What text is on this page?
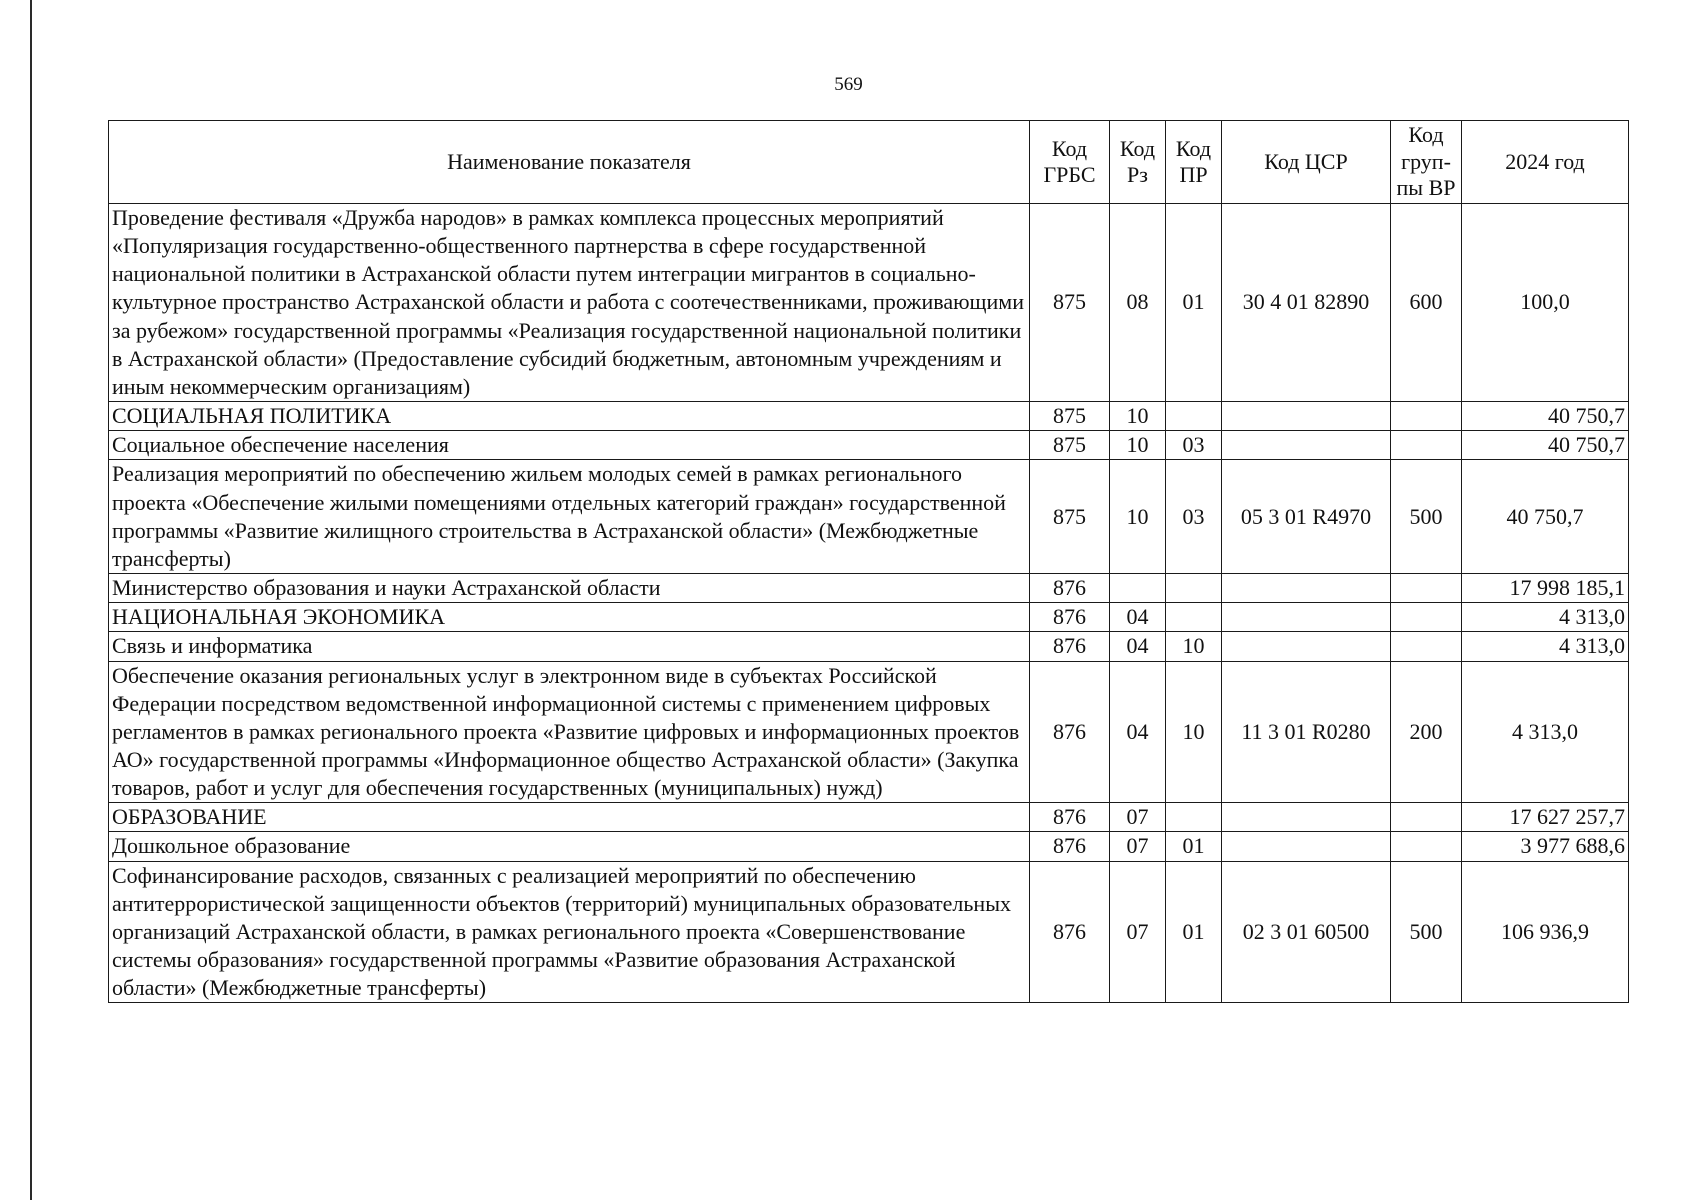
569
Наименование показателя	Код ГРБС	Код Рз	Код ПР	Код ЦСР	Код груп-пы ВР	2024 год
Проведение фестиваля «Дружба народов» в рамках комплекса процессных мероприятий «Популяризация государственно-общественного партнерства в сфере государственной национальной политики в Астраханской области путем интеграции мигрантов в социально-культурное пространство Астраханской области и работа с соотечественниками, проживающими за рубежом» государственной программы «Реализация государственной национальной политики в Астраханской области» (Предоставление субсидий бюджетным, автономным учреждениям и иным некоммерческим организациям)	875	08	01	30 4 01 82890	600	100,0
СОЦИАЛЬНАЯ ПОЛИТИКА	875	10				40 750,7
Социальное обеспечение населения	875	10	03			40 750,7
Реализация мероприятий по обеспечению жильем молодых семей в рамках регионального проекта «Обеспечение жилыми помещениями отдельных категорий граждан» государственной программы «Развитие жилищного строительства в Астраханской области» (Межбюджетные трансферты)	875	10	03	05 3 01 R4970	500	40 750,7
Министерство образования и науки Астраханской области	876					17 998 185,1
НАЦИОНАЛЬНАЯ ЭКОНОМИКА	876	04				4 313,0
Связь и информатика	876	04	10			4 313,0
Обеспечение оказания региональных услуг в электронном виде в субъектах Российской Федерации посредством ведомственной информационной системы с применением цифровых регламентов в рамках регионального проекта «Развитие цифровых и информационных проектов АО» государственной программы «Информационное общество Астраханской области» (Закупка товаров, работ и услуг для обеспечения государственных (муниципальных) нужд)	876	04	10	11 3 01 R0280	200	4 313,0
ОБРАЗОВАНИЕ	876	07				17 627 257,7
Дошкольное образование	876	07	01			3 977 688,6
Софинансирование расходов, связанных с реализацией мероприятий по обеспечению антитеррористической защищенности объектов (территорий) муниципальных образовательных организаций Астраханской области, в рамках регионального проекта «Совершенствование системы образования» государственной программы «Развитие образования Астраханской области» (Межбюджетные трансферты)	876	07	01	02 3 01 60500	500	106 936,9
